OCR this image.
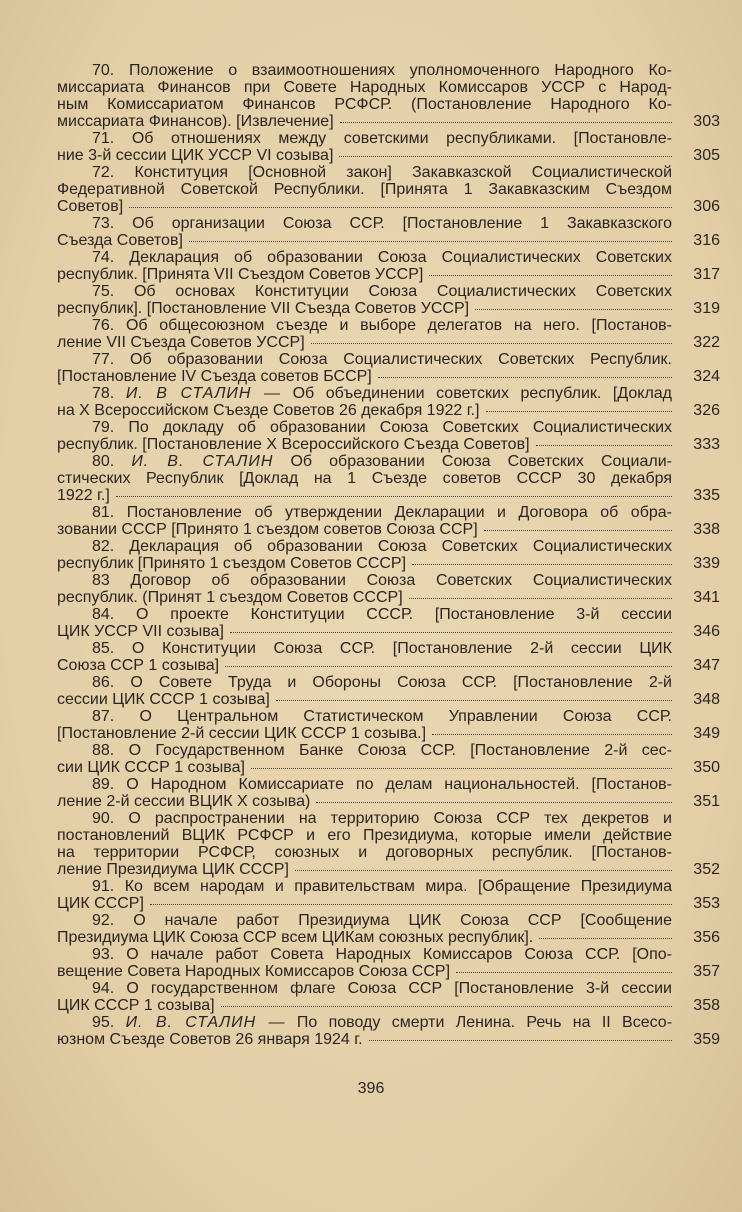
70. Положение о взаимоотношениях уполномоченного Народного Ко-
миссариата Финансов при Совете Народных Комиссаров УССР с Народ-
ным Комиссариатом Финансов РСФСР. (Постановление Народного Ко-
миссариата Финансов). [Извлечение]	303
71. Об отношениях между советскими республиками. [Постановле-
ние 3-й сессии ЦИК УССР VI созыва]	305
72. Конституция [Основной закон] Закавказской Социалистической
Федеративной Советской Республики. [Принята 1 Закавказским Съездом
Советов]	306
73. Об организации Союза ССР. [Постановление 1 Закавказского
Съезда Советов]	316
74. Декларация об образовании Союза Социалистических Советских
республик. [Принята VII Съездом Советов УССР]	317
75. Об основах Конституции Союза Социалистических Советских
республик]. [Постановление VII Съезда Советов УССР]	319
76. Об общесоюзном съезде и выборе делегатов на него. [Постанов-
ление VII Съезда Советов УССР]	322
77. Об образовании Союза Социалистических Советских Республик.
[Постановление IV Съезда советов БССР]	324
78. И. В СТАЛИН — Об объединении советских республик. [Доклад
на X Всероссийском Съезде Советов 26 декабря 1922 г.]	326
79. По докладу об образовании Союза Советских Социалистических
республик. [Постановление X Всероссийского Съезда Советов]	333
80. И. В. СТАЛИН Об образовании Союза Советских Социали-
стических Республик [Доклад на 1 Съезде советов СССР 30 декабря
1922 г.]	335
81. Постановление об утверждении Декларации и Договора об обра-
зовании СССР [Принято 1 съездом советов Союза ССР]	338
82. Декларация об образовании Союза Советских Социалистических
республик [Принято 1 съездом Советов СССР]	339
83 Договор об образовании Союза Советских Социалистических
республик. (Принят 1 съездом Советов СССР]	341
84. О проекте Конституции СССР. [Постановление 3-й сессии
ЦИК УССР VII созыва]	346
85. О Конституции Союза ССР. [Постановление 2-й сессии ЦИК
Союза ССР 1 созыва]	347
86. О Совете Труда и Обороны Союза ССР. [Постановление 2-й
сессии ЦИК СССР 1 созыва]	348
87. О Центральном Статистическом Управлении Союза ССР.
[Постановление 2-й сессии ЦИК СССР 1 созыва.]	349
88. О Государственном Банке Союза ССР. [Постановление 2-й сес-
сии ЦИК СССР 1 созыва]	350
89. О Народном Комиссариате по делам национальностей. [Постанов-
ление 2-й сессии ВЦИК X созыва)	351
90. О распространении на территорию Союза ССР тех декретов и
постановлений ВЦИК РСФСР и его Президиума, которые имели действие
на территории РСФСР, союзных и договорных республик. [Постанов-
ление Президиума ЦИК СССР]	352
91. Ко всем народам и правительствам мира. [Обращение Президиума
ЦИК СССР]	353
92. О начале работ Президиума ЦИК Союза ССР [Сообщение
Президиума ЦИК Союза ССР всем ЦИКам союзных республик].	356
93. О начале работ Совета Народных Комиссаров Союза ССР. [Опо-
вещение Совета Народных Комиссаров Союза ССР]	357
94. О государственном флаге Союза ССР [Постановление 3-й сессии
ЦИК СССР 1 созыва]	358
95. И. В. СТАЛИН — По поводу смерти Ленина. Речь на II Всесо-
юзном Съезде Советов 26 января 1924 г.	359
396
